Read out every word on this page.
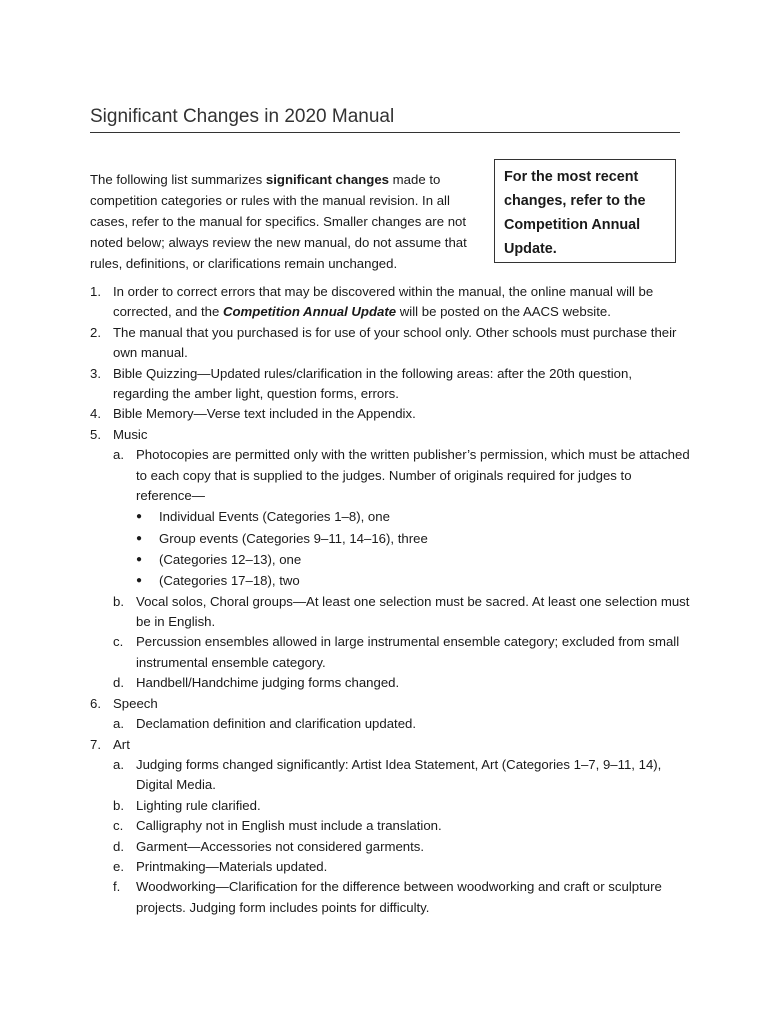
Significant Changes in 2020 Manual

The following list summarizes significant changes made to competition categories or rules with the manual revision. In all cases, refer to the manual for specifics. Smaller changes are not noted below; always review the new manual, do not assume that rules, definitions, or clarifications remain unchanged.

For the most recent changes, refer to the Competition Annual Update.
1. In order to correct errors that may be discovered within the manual, the online manual will be corrected, and the Competition Annual Update will be posted on the AACS website.
2. The manual that you purchased is for use of your school only. Other schools must purchase their own manual.
3. Bible Quizzing—Updated rules/clarification in the following areas: after the 20th question, regarding the amber light, question forms, errors.
4. Bible Memory—Verse text included in the Appendix.
5. Music
a. Photocopies are permitted only with the written publisher’s permission, which must be attached to each copy that is supplied to the judges. Number of originals required for judges to reference—
● Individual Events (Categories 1–8), one
● Group events (Categories 9–11, 14–16), three
● (Categories 12–13), one
● (Categories 17–18), two
b. Vocal solos, Choral groups—At least one selection must be sacred. At least one selection must be in English.
c. Percussion ensembles allowed in large instrumental ensemble category; excluded from small instrumental ensemble category.
d. Handbell/Handchime judging forms changed.
6. Speech
a. Declamation definition and clarification updated.
7. Art
a. Judging forms changed significantly: Artist Idea Statement, Art (Categories 1–7, 9–11, 14), Digital Media.
b. Lighting rule clarified.
c. Calligraphy not in English must include a translation.
d. Garment—Accessories not considered garments.
e. Printmaking—Materials updated.
f. Woodworking—Clarification for the difference between woodworking and craft or sculpture projects. Judging form includes points for difficulty.
